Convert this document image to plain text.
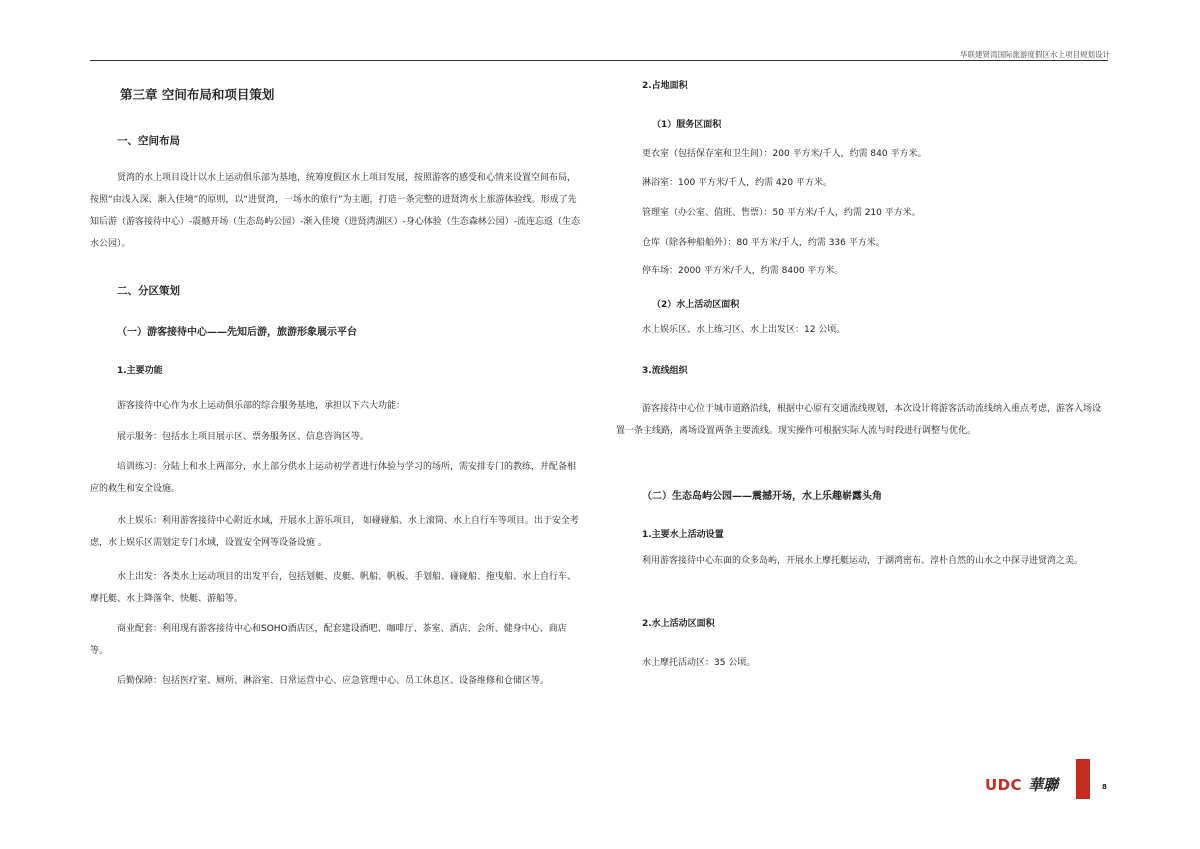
华联建贤湾国际旅游度假区水上项目规划设计
第三章 空间布局和项目策划
一、空间布局
贤湾的水上项目设计以水上运动俱乐部为基地，统筹度假区水上项目发展，按照游客的感受和心情来设置空间布局，按照“由浅入深、渐入佳境”的原则，以“进贤湾，一场水的旅行”为主题，打造一条完整的进贤湾水上旅游体验线。形成了先知后游（游客接待中心）-震撼开场（生态岛屿公园）-渐入佳境（进贤湾湖区）-身心体验（生态森林公园）-流连忘返（生态水公园）。
二、分区策划
（一）游客接待中心——先知后游，旅游形象展示平台
1.主要功能
游客接待中心作为水上运动俱乐部的综合服务基地，承担以下六大功能：
展示服务：包括水上项目展示区、票务服务区、信息咨询区等。
培训练习：分陆上和水上两部分，水上部分供水上运动初学者进行体验与学习的场所，需安排专门的教练，并配备相应的救生和安全设施。
水上娱乐：利用游客接待中心附近水域，开展水上游乐项目， 如碰碰船、水上滚筒、水上自行车等项目。出于安全考虑，水上娱乐区需划定专门水域，设置安全网等设备设施 。
水上出发：各类水上运动项目的出发平台，包括划艇、皮艇、帆船、帆板、手划船、碰碰船、拖曳船、水上自行车、摩托艇、水上降落伞、快艇、游船等。
商业配套：利用现有游客接待中心和SOHO酒店区，配套建设酒吧、咖啡厅、茶室、酒店、会所、健身中心、商店等。
后勤保障：包括医疗室、厕所、淋浴室、日常运营中心、应急管理中心、员工休息区、设备维修和仓储区等。
2.占地面积
（1）服务区面积
更衣室（包括保存室和卫生间）：200 平方米/千人，约需 840 平方米。
淋浴室：100 平方米/千人，约需 420 平方米。
管理室（办公室、值班、售票）：50 平方米/千人，约需 210 平方米。
仓库（除各种船舶外）：80 平方米/千人，约需 336 平方米。
停车场：2000 平方米/千人，约需 8400 平方米。
（2）水上活动区面积
水上娱乐区、水上练习区、水上出发区：12 公顷。
3.流线组织
游客接待中心位于城市道路沿线，根据中心原有交通流线规划，本次设计将游客活动流线纳入重点考虑，游客入场设置一条主线路，离场设置两条主要流线。现实操作可根据实际人流与时段进行调整与优化。
（二）生态岛屿公园——震撼开场，水上乐趣崭露头角
1.主要水上活动设置
利用游客接待中心东面的众多岛屿，开展水上摩托艇运动，于湖湾密布、淳朴自然的山水之中探寻进贤湾之美。
2.水上活动区面积
水上摩托活动区：35 公顷。
UDC 華聯	8
